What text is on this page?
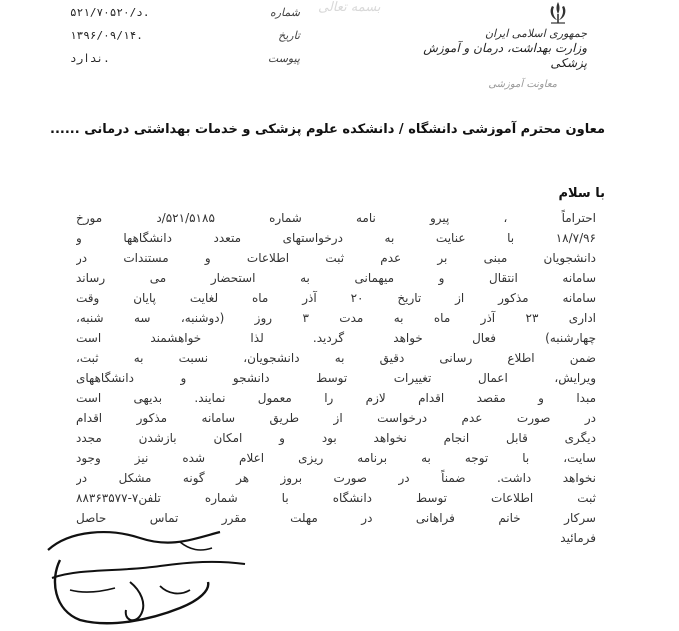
شماره
د/۵۲۱/۷۰۵۲۰.
تاریخ
۱۳۹۶/۰۹/۱۴.
پیوست
ندارد.
بسمه تعالی
جمهوری اسلامی ایران
وزارت بهداشت، درمان و آموزش پزشکی
معاونت آموزشی
معاون محترم آموزشی دانشگاه / دانشکده علوم پزشکی و خدمات بهداشتی درمانی ......
با سلام
احتراماً ، پیرو نامه شماره ۵۲۱/۵۱۸۵/د مورخ
۱۸/۷/۹۶ با عنایت به درخواستهای متعدد دانشگاهها و
دانشجویان مبنی بر عدم ثبت اطلاعات و مستندات در
سامانه انتقال و میهمانی به استحضار می رساند
سامانه مذکور از تاریخ ۲۰ آذر ماه لغایت پایان وقت
اداری ۲۳ آذر ماه به مدت ۳ روز (دوشنبه، سه شنبه،
چهارشنبه) فعال خواهد گردید. لذا خواهشمند است
ضمن اطلاع رسانی دقیق به دانشجویان، نسبت به ثبت،
ویرایش، اعمال تغییرات توسط دانشجو و دانشگاههای
مبدا و مقصد اقدام لازم را معمول نمایند. بدیهی است
در صورت عدم درخواست از طریق سامانه مذکور اقدام
دیگری قابل انجام نخواهد بود و امکان بازشدن مجدد
سایت، با توجه به برنامه ریزی اعلام شده نیز وجود
نخواهد داشت. ضمناً در صورت بروز هر گونه مشکل در
ثبت اطلاعات توسط دانشگاه با شماره تلفن۷-۸۸۳۶۳۵۷۷
سرکار خانم فراهانی در مهلت مقرر تماس حاصل
فرمائید
